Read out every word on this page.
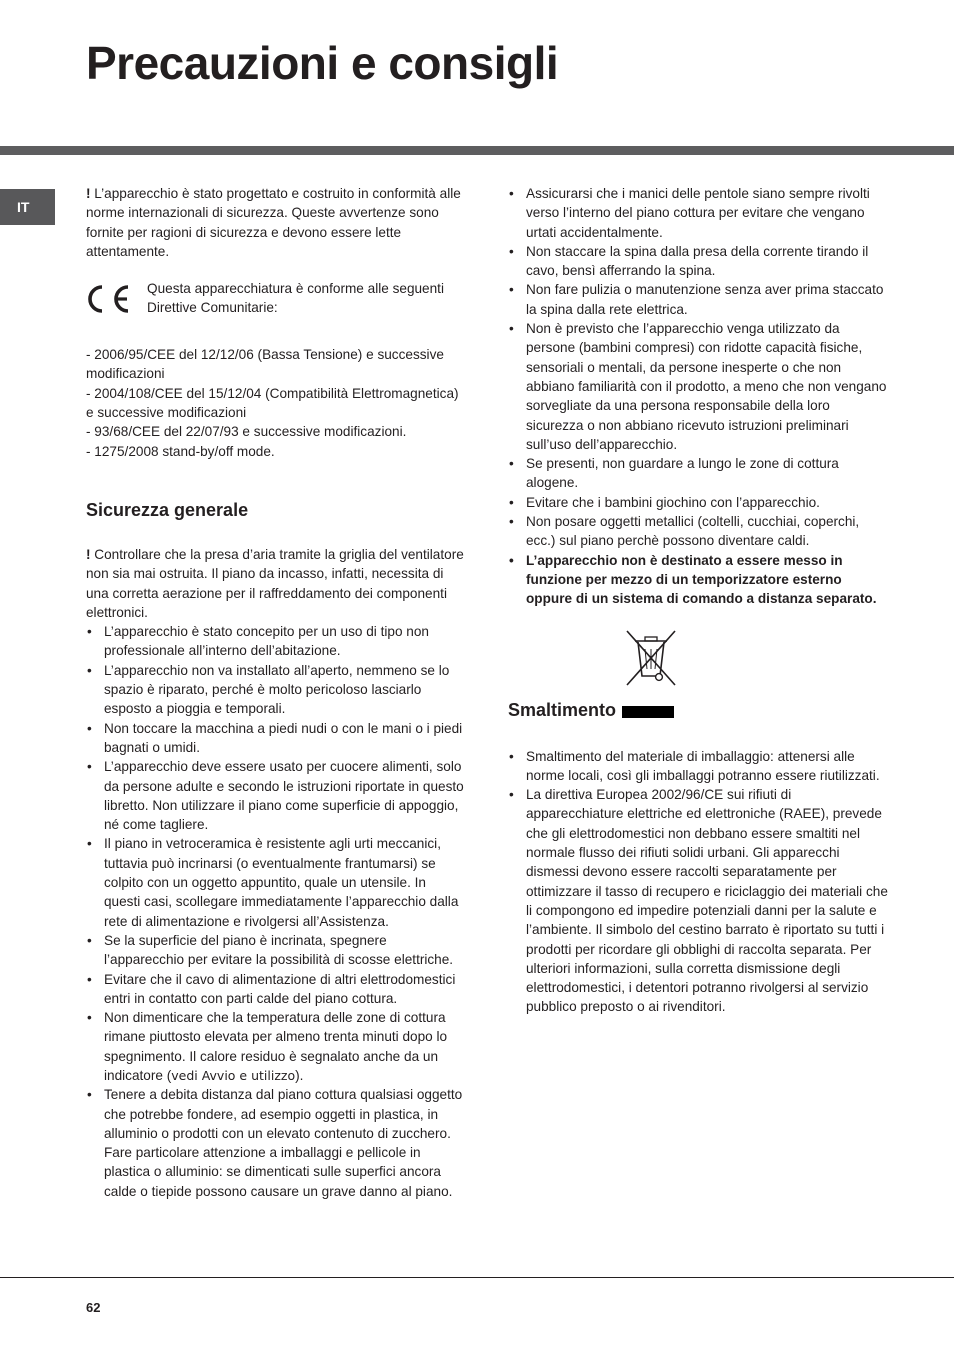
Precauzioni e consigli
IT

! L’apparecchio è stato progettato e costruito in conformità alle norme internazionali di sicurezza. Queste avvertenze sono fornite per ragioni di sicurezza e devono essere lette attentamente.

Questa apparecchiatura è conforme alle seguenti Direttive Comunitarie:

- 2006/95/CEE del 12/12/06 (Bassa Tensione) e successive modificazioni

- 2004/108/CEE del 15/12/04 (Compatibilità Elettromagnetica) e successive modificazioni

- 93/68/CEE del 22/07/93 e successive modificazioni.

- 1275/2008 stand-by/off mode.

Sicurezza generale

! Controllare che la presa d’aria tramite la griglia del ventilatore non sia mai ostruita. Il piano da incasso, infatti, necessita di una corretta aerazione per il raffreddamento dei componenti elettronici.

• L’apparecchio è stato concepito per un uso di tipo non professionale all’interno dell’abitazione.
• L’apparecchio non va installato all’aperto, nemmeno se lo spazio è riparato, perché è molto pericoloso lasciarlo esposto a pioggia e temporali.
• Non toccare la macchina a piedi nudi o con le mani o i piedi bagnati o umidi.
• L’apparecchio deve essere usato per cuocere alimenti, solo da persone adulte e secondo le istruzioni riportate in questo libretto. Non utilizzare il piano come superficie di appoggio, né come tagliere.
• Il piano in vetroceramica è resistente agli urti meccanici, tuttavia può incrinarsi (o eventualmente frantumarsi) se colpito con un oggetto appuntito, quale un utensile. In questi casi, scollegare immediatamente l’apparecchio dalla rete di alimentazione e rivolgersi all’Assistenza.
• Se la superficie del piano è incrinata, spegnere l’apparecchio per evitare la possibilità di scosse elettriche.
• Evitare che il cavo di alimentazione di altri elettrodomestici entri in contatto con parti calde del piano cottura.
• Non dimenticare che la temperatura delle zone di cottura rimane piuttosto elevata per almeno trenta minuti dopo lo spegnimento. Il calore residuo è segnalato anche da un indicatore (vedi Avvio e utilizzo).
• Tenere a debita distanza dal piano cottura qualsiasi oggetto che potrebbe fondere, ad esempio oggetti in plastica, in alluminio o prodotti con un elevato contenuto di zucchero. Fare particolare attenzione a imballaggi e pellicole in plastica o alluminio: se dimenticati sulle superfici ancora calde o tiepide possono causare un grave danno al piano.
• Assicurarsi che i manici delle pentole siano sempre rivolti verso l’interno del piano cottura per evitare che vengano urtati accidentalmente.
• Non staccare la spina dalla presa della corrente tirando il cavo, bensì afferrando la spina.
• Non fare pulizia o manutenzione senza aver prima staccato la spina dalla rete elettrica.
• Non è previsto che l’apparecchio venga utilizzato da persone (bambini compresi) con ridotte capacità fisiche, sensoriali o mentali, da persone inesperte o che non abbiano familiarità con il prodotto, a meno che non vengano sorvegliate da una persona responsabile della loro sicurezza o non abbiano ricevuto istruzioni preliminari sull’uso dell’apparecchio.
• Se presenti, non guardare a lungo le zone di cottura alogene.
• Evitare che i bambini giochino con l’apparecchio.
• Non posare oggetti metallici (coltelli, cucchiai, coperchi, ecc.) sul piano perchè possono diventare caldi.
• L’apparecchio non è destinato a essere messo in funzione per mezzo di un temporizzatore esterno oppure di un sistema di comando a distanza separato.
Smaltimento
• Smaltimento del materiale di imballaggio: attenersi alle norme locali, così gli imballaggi potranno essere riutilizzati.
• La direttiva Europea 2002/96/CE sui rifiuti di apparecchiature elettriche ed elettroniche (RAEE), prevede che gli elettrodomestici non debbano essere smaltiti nel normale flusso dei rifiuti solidi urbani. Gli apparecchi dismessi devono essere raccolti separatamente per ottimizzare il tasso di recupero e riciclaggio dei materiali che li compongono ed impedire potenziali danni per la salute e l’ambiente. Il simbolo del cestino barrato è riportato su tutti i prodotti per ricordare gli obblighi di raccolta separata. Per ulteriori informazioni, sulla corretta dismissione degli elettrodomestici, i detentori potranno rivolgersi al servizio pubblico preposto o ai rivenditori.
62
